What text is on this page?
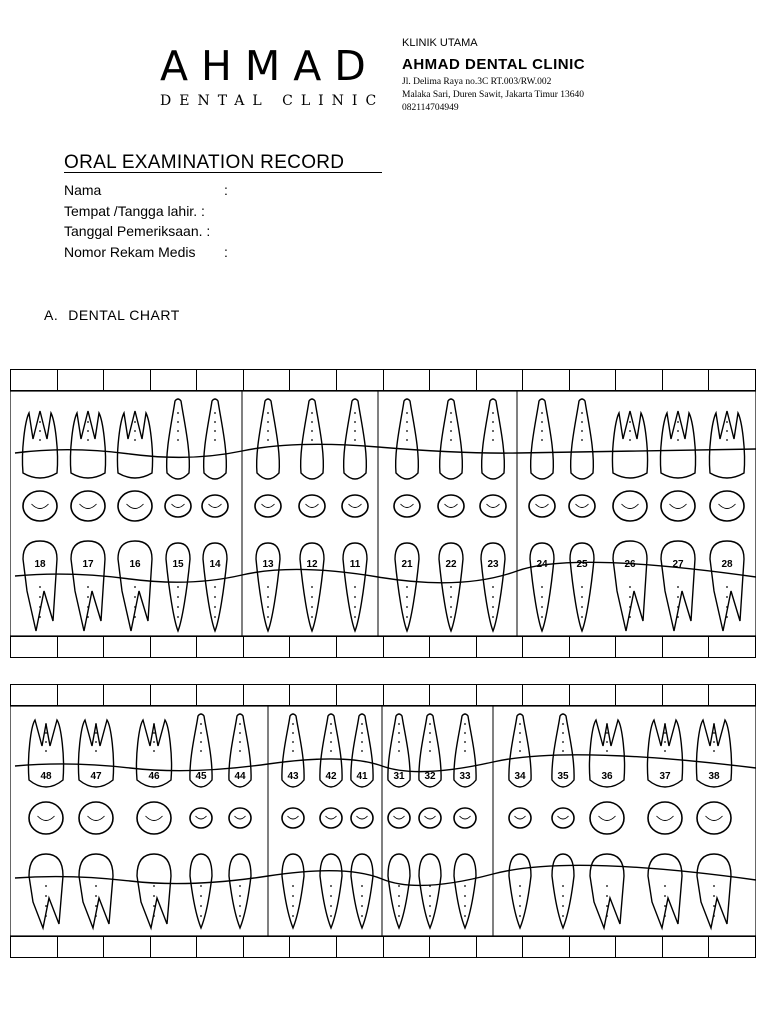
AHMAD
DENTAL CLINIC
KLINIK UTAMA
AHMAD DENTAL CLINIC
Jl. Delima Raya no.3C RT.003/RW.002
Malaka Sari, Duren Sawit, Jakarta Timur 13640
082114704949
ORAL EXAMINATION RECORD
Nama	:
Tempat /Tangga lahir. :
Tanggal Pemeriksaan. :
Nomor Rekam Medis :
A. DENTAL CHART
18	17	16	15	14	13	12	11	21	22	23	24	25	26	27	28
48	47	46	45	44	43	42 41	31 32 33	34	35	36	37	38
